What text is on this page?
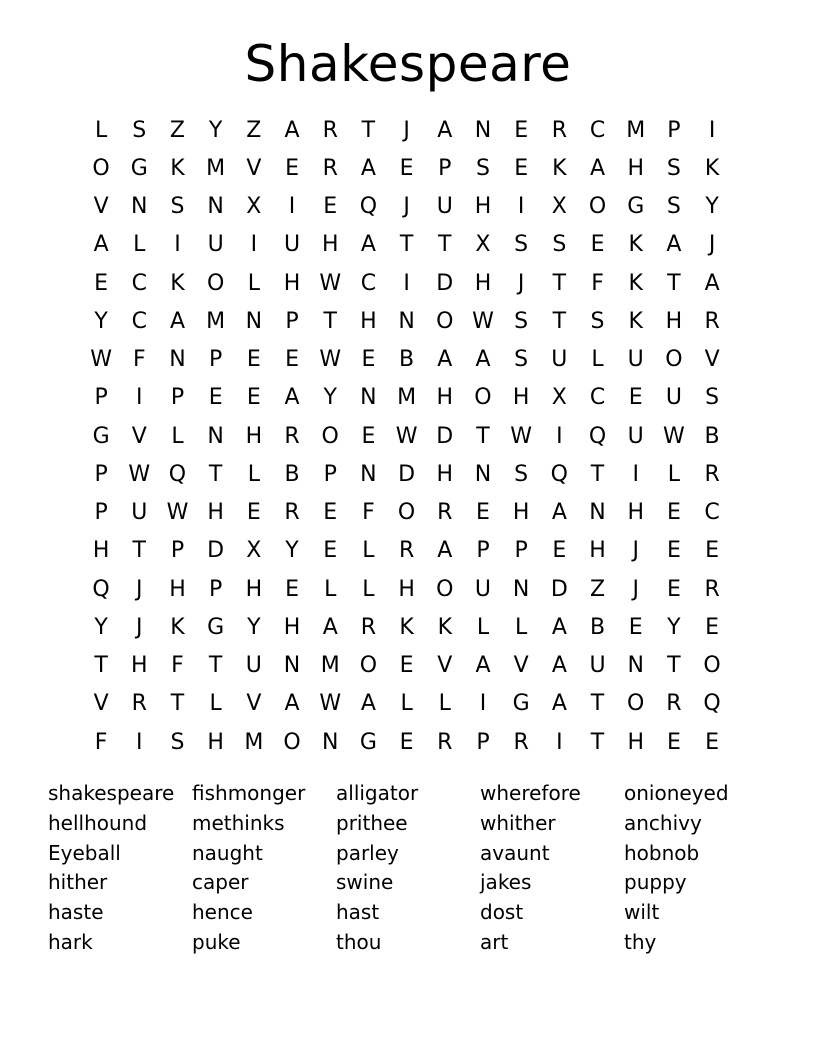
Shakespeare
L	S	Z	Y	Z	A	R	T	J	A	N	E	R	C M	P	I
O G	K M V	E	R	A	E	P	S	E	K	A	H	S	K
V	N	S	N	X	I	E	Q	J	U H	I	X O G	S	Y
A	L	I	U	I	U H	A	T	T	X	S	S	E	K	A	J
E	C	K	O	L	H W C	I	D H	J	T	F	K	T	A
Y	C	A M N	P	T	H N O W S	T	S	K	H	R
W F	N	P	E	E W E	B	A	A	S	U	L	U O	V
P	I	P	E	E	A	Y	N M H O H	X	C	E	U	S
G	V	L	N H	R O	E W D	T W	I	Q U W B
P W Q	T	L	B	P	N D H N	S	Q	T	I	L	R
P	U W H	E	R	E	F	O R	E	H	A	N H	E	C
H	T	P	D	X	Y	E	L	R	A	P	P	E	H	J	E	E
Q	J	H	P	H	E	L	L	H O U N D	Z	J	E	R
Y	J	K	G	Y	H	A	R	K	K	L	L	A	B	E	Y	E
T	H	F	T	U N M O	E	V	A	V	A	U N	T	O
V	R	T	L	V	A W A	L	L	I	G	A	T	O R Q
F	I	S	H M O N G	E	R	P	R	I	T	H	E	E
shakespeare fishmonger	alligator	wherefore	onioneyed
hellhound	methinks	prithee	whither	anchivy
Eyeball	naught	parley	avaunt	hobnob
hither	caper	swine	jakes	puppy
haste	hence	hast	dost	wilt
hark	puke	thou	art	thy
